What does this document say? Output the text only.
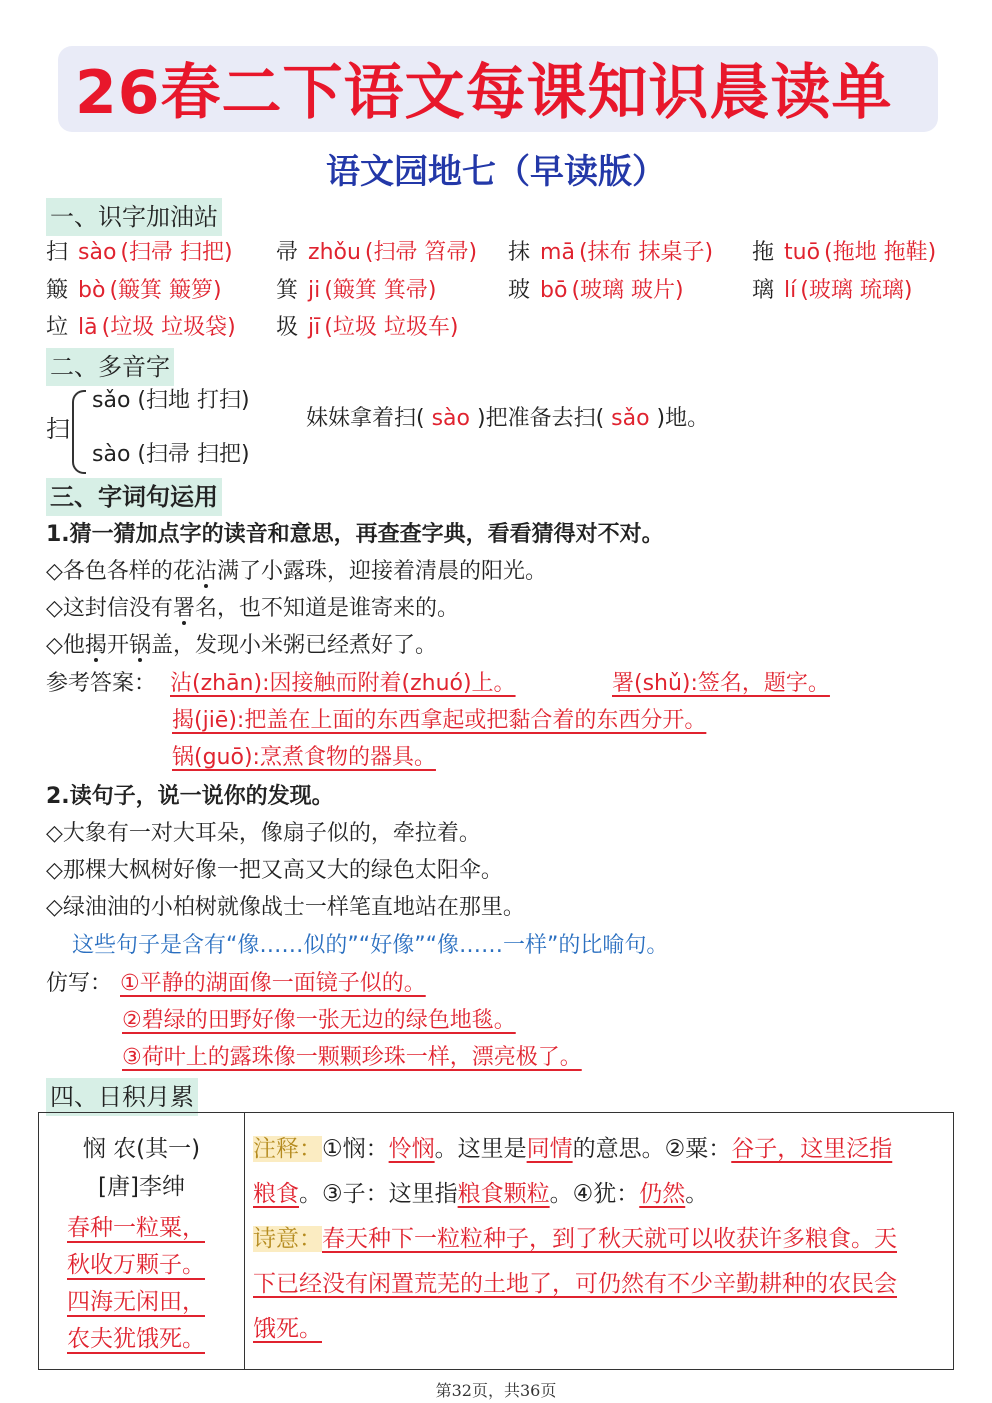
26春二下语文每课知识晨读单
语文园地七（早读版）
一、识字加油站
扫 sào (扫帚 扫把) 帚 zhǒu (扫帚 笤帚) 抹 mā (抹布 抹桌子) 拖 tuō (拖地 拖鞋)
簸 bò (簸箕 簸箩) 箕 ji (簸箕 箕帚)	玻 bō (玻璃 玻片)	璃 lí (玻璃 琉璃)
垃 lā (垃圾 垃圾袋) 圾 jī (垃圾 垃圾车)
二、多音字
扫
sǎo (扫地 打扫)
sào (扫帚 扫把)
妹妹拿着扫( sào )把准备去扫( sǎo )地。
三、字词句运用
1.猜一猜加点字的读音和意思，再查查字典，看看猜得对不对。
◇各色各样的花沾满了小露珠，迎接着清晨的阳光。
◇这封信没有署名，也不知道是谁寄来的。
◇他揭开锅盖，发现小米粥已经煮好了。
参考答案： 沾(zhān):因接触而附着(zhuó)上。	署(shǔ):签名，题字。
揭(jiē):把盖在上面的东西拿起或把黏合着的东西分开。
锅(guō):烹煮食物的器具。
2.读句子，说一说你的发现。
◇大象有一对大耳朵，像扇子似的，牵拉着。
◇那棵大枫树好像一把又高又大的绿色太阳伞。
◇绿油油的小柏树就像战士一样笔直地站在那里。
这些句子是含有“像……似的”“好像”“像……一样”的比喻句。
仿写： ①平静的湖面像一面镜子似的。
②碧绿的田野好像一张无边的绿色地毯。
③荷叶上的露珠像一颗颗珍珠一样，漂亮极了。
四、日积月累
悯 农(其一)
[唐]李绅
春种一粒粟，
秋收万颗子。
四海无闲田，
农夫犹饿死。
注释：①悯：怜悯。这里是同情的意思。②粟：谷子，这里泛指
粮食。③子：这里指粮食颗粒。④犹：仍然。
诗意：春天种下一粒粒种子，到了秋天就可以收获许多粮食。天
下已经没有闲置荒芜的土地了，可仍然有不少辛勤耕种的农民会
饿死。
第32页，共36页
